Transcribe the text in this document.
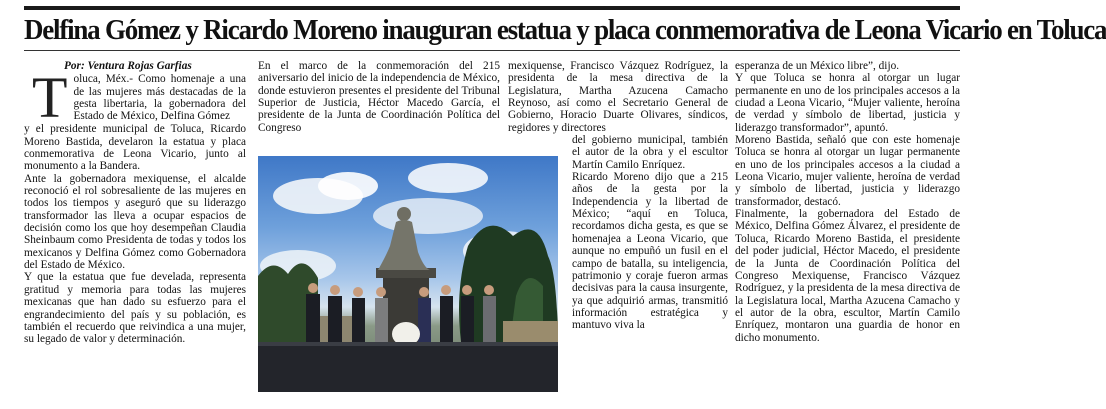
Delfina Gómez y Ricardo Moreno inauguran estatua y placa conmemorativa de Leona Vicario en Toluca
Por: Ventura Rojas Garfias
T oluca, Méx.- Como homenaje a una de las mujeres más destacadas de la gesta libertaria, la gobernadora del Estado de México, Delfina Gómez

y el presidente municipal de Toluca, Ricardo Moreno Bastida, develaron la estatua y placa conmemorativa de Leona Vicario, junto al monumento a la Bandera.

Ante la gobernadora mexiquense, el alcalde reconoció el rol sobresaliente de las mujeres en todos los tiempos y aseguró que su liderazgo transformador las lleva a ocupar espacios de decisión como los que hoy desempeñan Claudia Sheinbaum como Presidenta de todas y todos los mexicanos y Delfina Gómez como Gobernadora del Estado de México.

Y que la estatua que fue develada, representa gratitud y memoria para todas las mujeres mexicanas que han dado su esfuerzo para el engrandecimiento del país y su población, es también el recuerdo que reivindica a una mujer, su legado de valor y determinación.

En el marco de la conmemoración del 215 aniversario del inicio de la independencia de México, donde estuvieron presentes el presidente del Tribunal Superior de Justicia, Héctor Macedo García, el presidente de la Junta de Coordinación Política del Congreso

mexiquense, Francisco Vázquez Rodríguez, la presidenta de la mesa directiva de la Legislatura, Martha Azucena Camacho Reynoso, así como el Secretario General de Gobierno, Horacio Duarte Olivares, síndicos, regidores y directores

del gobierno municipal, también el autor de la obra y el escultor Martín Camilo Enríquez.

Ricardo Moreno dijo que a 215 años de la gesta por la Independencia y la libertad de México; “aquí en Toluca, recordamos dicha gesta, es que se homenajea a Leona Vicario, que aunque no empuñó un fusil en el campo de batalla, su inteligencia, patrimonio y coraje fueron armas decisivas para la causa insurgente, ya que adquirió armas, transmitió información estratégica y mantuvo viva la

esperanza de un México libre”, dijo.

Y que Toluca se honra al otorgar un lugar permanente en uno de los principales accesos a la ciudad a Leona Vicario, “Mujer valiente, heroína de verdad y símbolo de libertad, justicia y liderazgo transformador”, apuntó.

Moreno Bastida, señaló que con este homenaje Toluca se honra al otorgar un lugar permanente en uno de los principales accesos a la ciudad a Leona Vicario, mujer valiente, heroína de verdad y símbolo de libertad, justicia y liderazgo transformador, destacó.

Finalmente, la gobernadora del Estado de México, Delfina Gómez Álvarez, el presidente de Toluca, Ricardo Moreno Bastida, el presidente del poder judicial, Héctor Macedo, el presidente de la Junta de Coordinación Política del Congreso Mexiquense, Francisco Vázquez Rodríguez, y la presidenta de la mesa directiva de la Legislatura local, Martha Azucena Camacho y el autor de la obra, escultor, Martín Camilo Enríquez, montaron una guardia de honor en dicho monumento.
